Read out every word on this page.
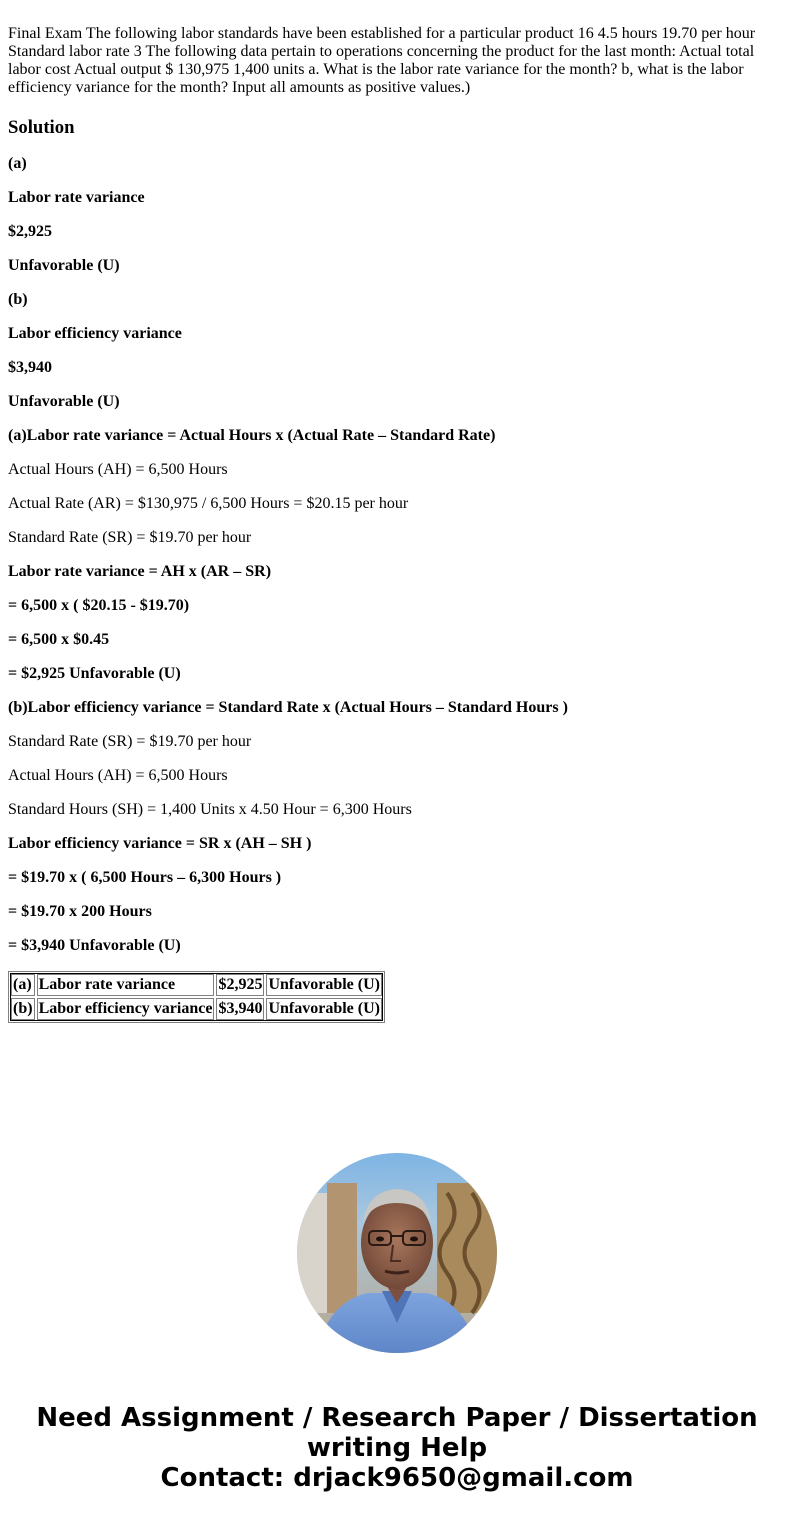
Final Exam The following labor standards have been established for a particular product 16 4.5 hours 19.70 per hour Standard labor rate 3 The following data pertain to operations concerning the product for the last month: Actual total labor cost Actual output $ 130,975 1,400 units a. What is the labor rate variance for the month? b, what is the labor efficiency variance for the month? Input all amounts as positive values.)

Solution

(a)

Labor rate variance

$2,925

Unfavorable (U)

(b)

Labor efficiency variance

$3,940

Unfavorable (U)

(a)Labor rate variance = Actual Hours x (Actual Rate – Standard Rate)

Actual Hours (AH) = 6,500 Hours

Actual Rate (AR) = $130,975 / 6,500 Hours = $20.15 per hour

Standard Rate (SR) = $19.70 per hour

Labor rate variance = AH x (AR – SR)

= 6,500 x ( $20.15 - $19.70)

= 6,500 x $0.45

= $2,925 Unfavorable (U)

(b)Labor efficiency variance = Standard Rate x (Actual Hours – Standard Hours )

Standard Rate (SR) = $19.70 per hour

Actual Hours (AH) = 6,500 Hours

Standard Hours (SH) = 1,400 Units x 4.50 Hour = 6,300 Hours

Labor efficiency variance = SR x (AH – SH )

= $19.70 x ( 6,500 Hours – 6,300 Hours )

= $19.70 x 200 Hours

= $3,940 Unfavorable (U)

(a)	Labor rate variance	$2,925	Unfavorable (U)
(b)	Labor efficiency variance	$3,940	Unfavorable (U)
Need Assignment / Research Paper / Dissertation
writing Help
Contact: drjack9650@gmail.com
